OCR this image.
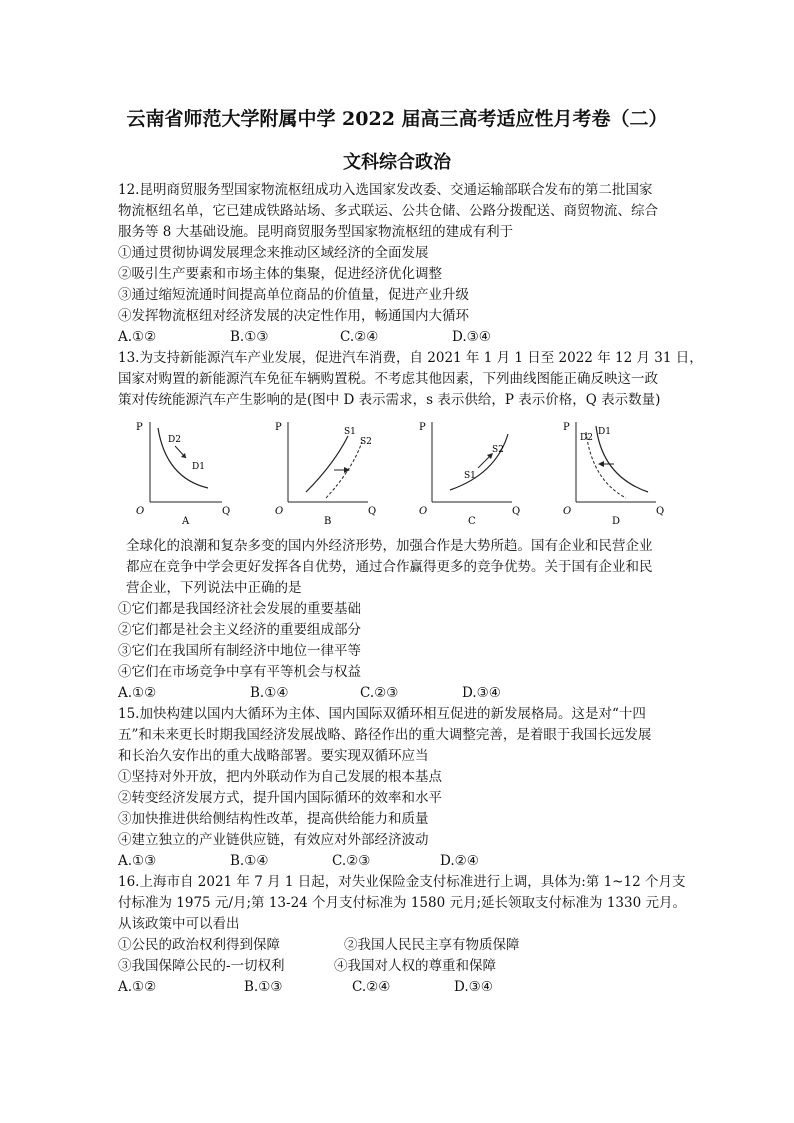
云南省师范大学附属中学 2022 届高三高考适应性月考卷（二）
文科综合政治
12.昆明商贸服务型国家物流枢纽成功入选国家发改委、交通运输部联合发布的第二批国家
物流枢纽名单，它已建成铁路站场、多式联运、公共仓储、公路分拨配送、商贸物流、综合
服务等 8 大基础设施。昆明商贸服务型国家物流枢纽的建成有利于
①通过贯彻协调发展理念来推动区域经济的全面发展
②吸引生产要素和市场主体的集聚，促进经济优化调整
③通过缩短流通时间提高单位商品的价值量，促进产业升级
④发挥物流枢纽对经济发展的决定性作用，畅通国内大循环
A.①②	B.①③	C.②④	D.③④
13.为支持新能源汽车产业发展，促进汽车消费，自 2021 年 1 月 1 日至 2022 年 12 月 31 日，
国家对购置的新能源汽车免征车辆购置税。不考虑其他因素，下列曲线图能正确反映这一政
策对传统能源汽车产生影响的是(图中 D 表示需求，s 表示供给，P 表示价格，Q 表示数量)
P
Q
O
D2
D1
A
P
Q
O
S1
S2
B
P
Q
O
S2
S1
C
P
Q
O
D2
D1
D
全球化的浪潮和复杂多变的国内外经济形势，加强合作是大势所趋。国有企业和民营企业
都应在竞争中学会更好发挥各自优势，通过合作赢得更多的竞争优势。关于国有企业和民
营企业，下列说法中正确的是
①它们都是我国经济社会发展的重要基础
②它们都是社会主义经济的重要组成部分
③它们在我国所有制经济中地位一律平等
④它们在市场竞争中享有平等机会与权益
A.①②	B.①④	C.②③	D.③④
15.加快构建以国内大循环为主体、国内国际双循环相互促进的新发展格局。这是对“十四
五”和未来更长时期我国经济发展战略、路径作出的重大调整完善，是着眼于我国长远发展
和长治久安作出的重大战略部署。要实现双循环应当
①坚持对外开放，把内外联动作为自己发展的根本基点
②转变经济发展方式，提升国内国际循环的效率和水平
③加快推进供给侧结构性改革，提高供给能力和质量
④建立独立的产业链供应链，有效应对外部经济波动
A.①③	B.①④	C.②③	D.②④
16.上海市自 2021 年 7 月 1 日起，对失业保险金支付标准进行上调，具体为:第 1~12 个月支
付标准为 1975 元/月;第 13-24 个月支付标准为 1580 元月;延长领取支付标准为 1330 元月。
从该政策中可以看出
①公民的政治权利得到保障	②我国人民民主享有物质保障
③我国保障公民的-一切权利	④我国对人权的尊重和保障
A.①②	B.①③	C.②④	D.③④
